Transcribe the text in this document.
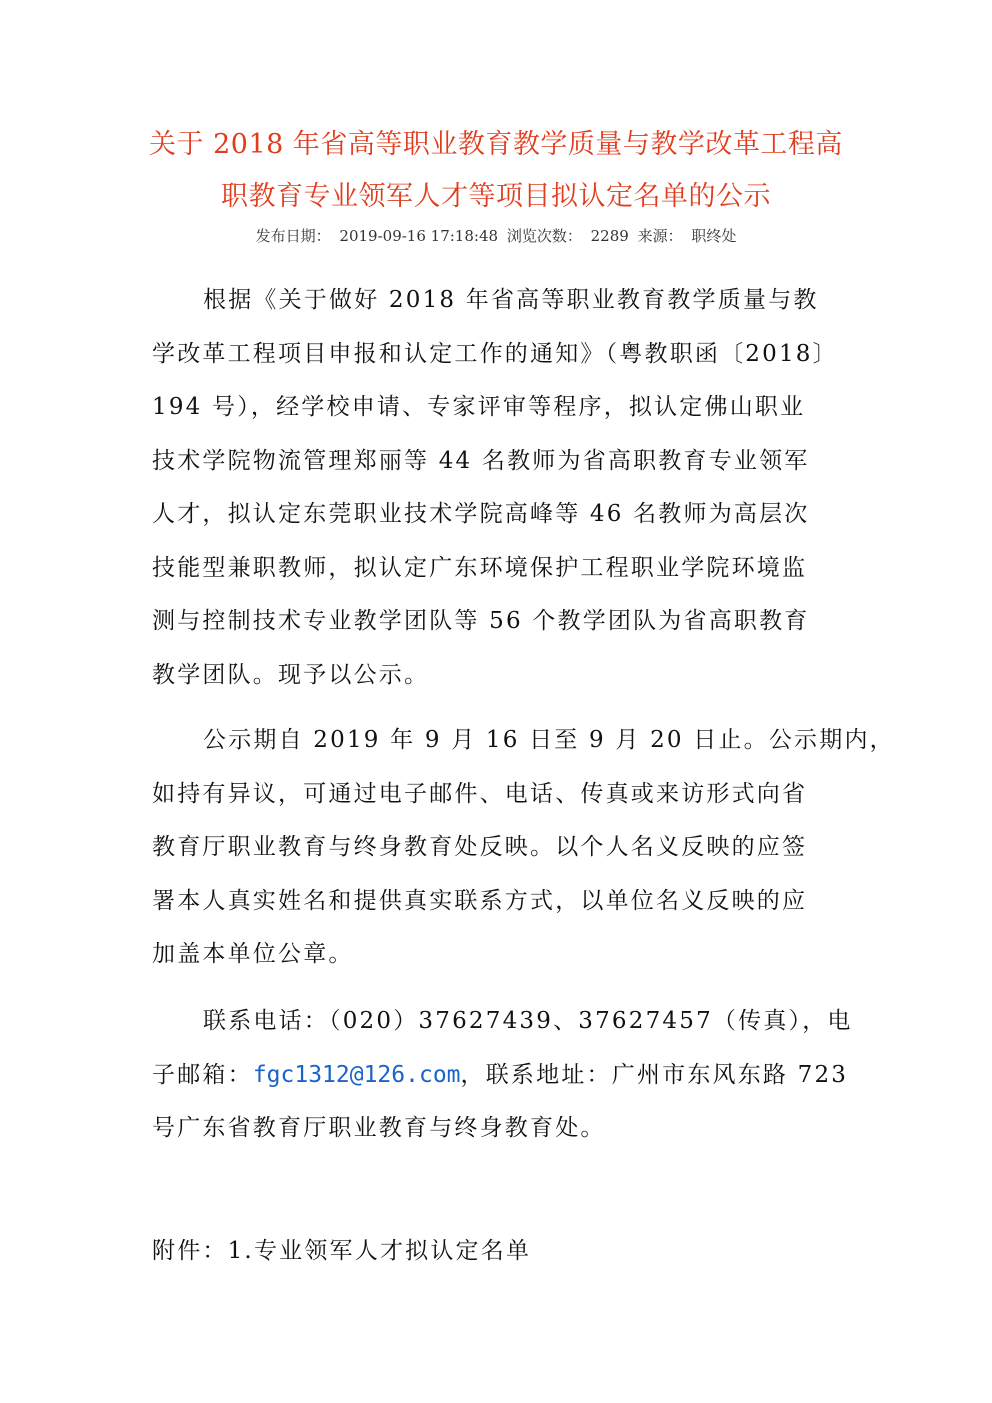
关于 2018 年省高等职业教育教学质量与教学改革工程高
职教育专业领军人才等项目拟认定名单的公示
发布日期： 2019-09-16 17:18:48 浏览次数： 2289 来源： 职终处
根据《关于做好 2018 年省高等职业教育教学质量与教
学改革工程项目申报和认定工作的通知》（粤教职函〔2018〕
194 号），经学校申请、专家评审等程序，拟认定佛山职业
技术学院物流管理郑丽等 44 名教师为省高职教育专业领军
人才，拟认定东莞职业技术学院高峰等 46 名教师为高层次
技能型兼职教师，拟认定广东环境保护工程职业学院环境监
测与控制技术专业教学团队等 56 个教学团队为省高职教育
教学团队。现予以公示。
公示期自 2019 年 9 月 16 日至 9 月 20 日止。公示期内，
如持有异议，可通过电子邮件、电话、传真或来访形式向省
教育厅职业教育与终身教育处反映。以个人名义反映的应签
署本人真实姓名和提供真实联系方式，以单位名义反映的应
加盖本单位公章。
联系电话：（020）37627439、37627457（传真），电
子邮箱：fgc1312@126.com，联系地址：广州市东风东路 723
号广东省教育厅职业教育与终身教育处。
附件：1.专业领军人才拟认定名单
